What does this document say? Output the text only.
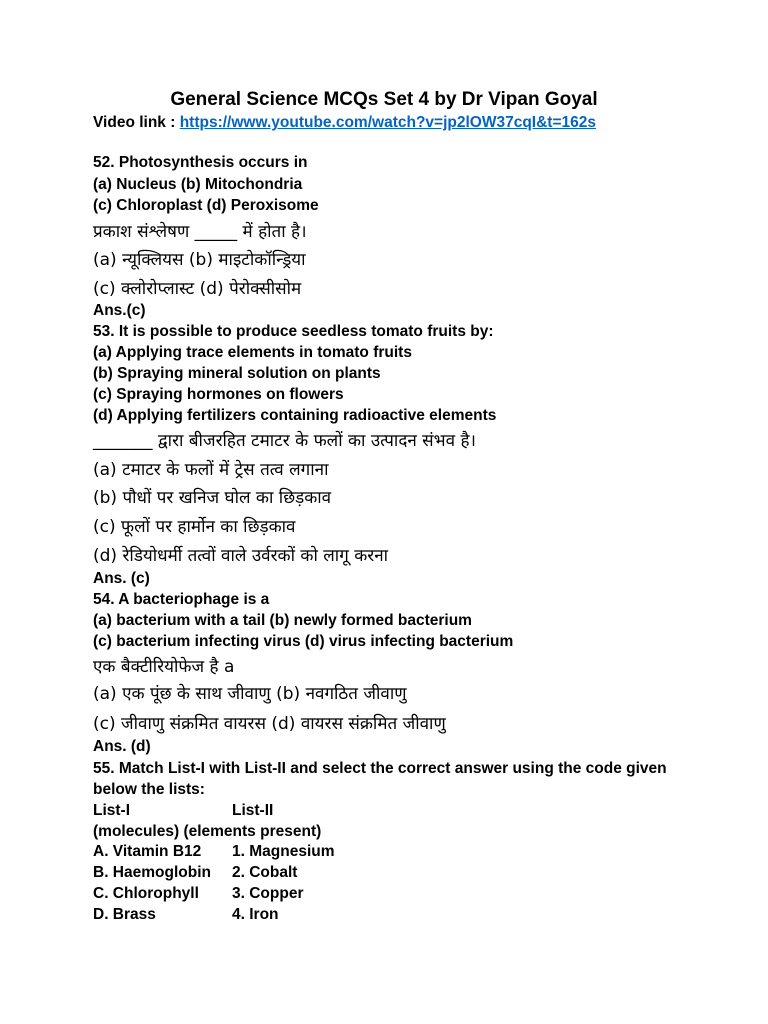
General Science MCQs Set 4 by Dr Vipan Goyal
Video link : https://www.youtube.com/watch?v=jp2lOW37cqI&t=162s
52. Photosynthesis occurs in
(a) Nucleus (b) Mitochondria
(c) Chloroplast (d) Peroxisome
प्रकाश संश्लेषण _____ में होता है।
(a) न्यूक्लियस (b) माइटोकॉन्ड्रिया
(c) क्लोरोप्लास्ट (d) पेरोक्सीसोम
Ans.(c)
53. It is possible to produce seedless tomato fruits by:
(a) Applying trace elements in tomato fruits
(b) Spraying mineral solution on plants
(c) Spraying hormones on flowers
(d) Applying fertilizers containing radioactive elements
_______ द्वारा बीजरहित टमाटर के फलों का उत्पादन संभव है।
(a) टमाटर के फलों में ट्रेस तत्व लगाना
(b) पौधों पर खनिज घोल का छिड़काव
(c) फूलों पर हार्मोन का छिड़काव
(d) रेडियोधर्मी तत्वों वाले उर्वरकों को लागू करना
Ans. (c)
54. A bacteriophage is a
(a) bacterium with a tail (b) newly formed bacterium
(c) bacterium infecting virus (d) virus infecting bacterium
एक बैक्टीरियोफेज है a
(a) एक पूंछ के साथ जीवाणु (b) नवगठित जीवाणु
(c) जीवाणु संक्रमित वायरस (d) वायरस संक्रमित जीवाणु
Ans. (d)
55. Match List-I with List-II and select the correct answer using the code given
below the lists:
List-I	List-II
(molecules) (elements present)
A. Vitamin B12 1. Magnesium
B. Haemoglobin 2. Cobalt
C. Chlorophyll 3. Copper
D. Brass	4. Iron
